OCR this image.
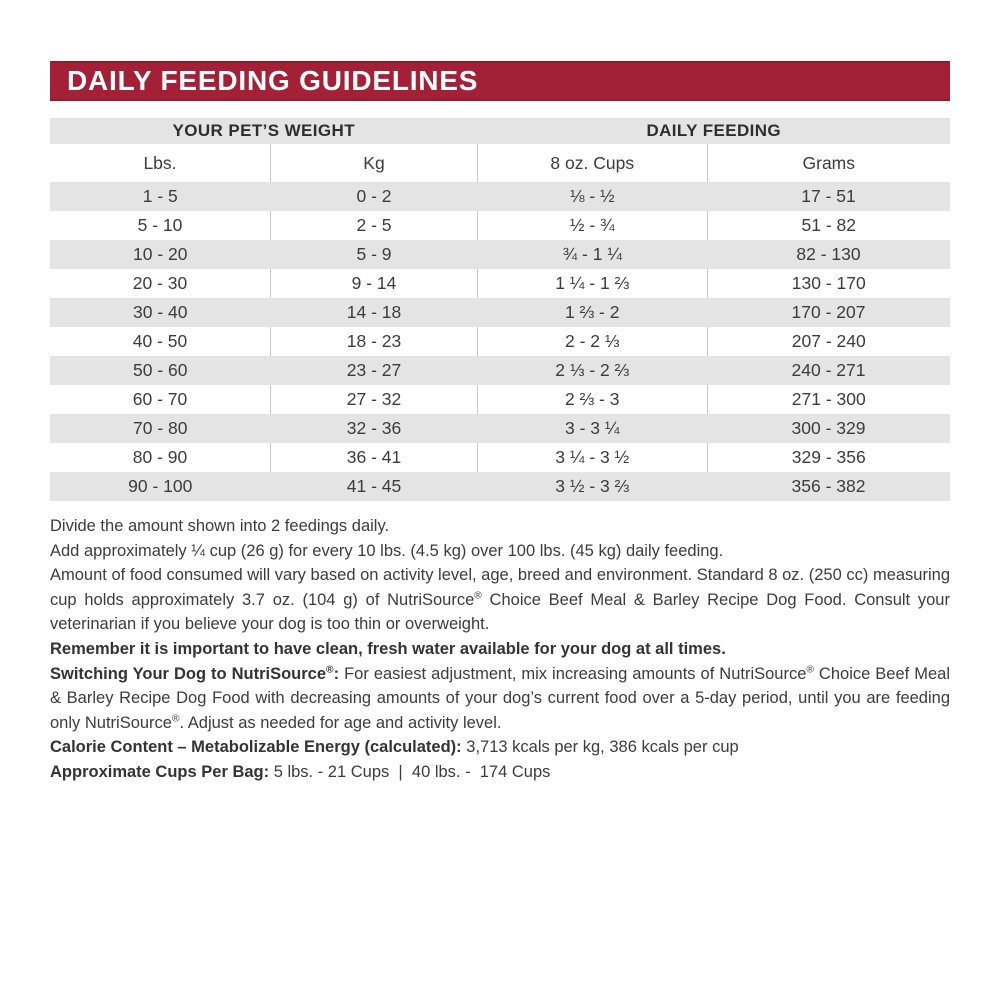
DAILY FEEDING GUIDELINES
YOUR PET’S WEIGHT		DAILY FEEDING	
Lbs.	Kg	8 oz. Cups	Grams
1 - 5	0 - 2	⅛ - ½	17 - 51
5 - 10	2 - 5	½ - ¾	51 - 82
10 - 20	5 - 9	¾ - 1 ¼	82 - 130
20 - 30	9 - 14	1 ¼ - 1 ⅔	130 - 170
30 - 40	14 - 18	1 ⅔ - 2	170 - 207
40 - 50	18 - 23	2 - 2 ⅓	207 - 240
50 - 60	23 - 27	2 ⅓ - 2 ⅔	240 - 271
60 - 70	27 - 32	2 ⅔ - 3	271 - 300
70 - 80	32 - 36	3 - 3 ¼	300 - 329
80 - 90	36 - 41	3 ¼ - 3 ½	329 - 356
90 - 100	41 - 45	3 ½ - 3 ⅔	356 - 382

Divide the amount shown into 2 feedings daily.

Add approximately ¼ cup (26 g) for every 10 lbs. (4.5 kg) over 100 lbs. (45 kg) daily feeding.

Amount of food consumed will vary based on activity level, age, breed and environment. Standard 8 oz. (250 cc) measuring cup holds approximately 3.7 oz. (104 g) of NutriSource® Choice Beef Meal & Barley Recipe Dog Food. Consult your veterinarian if you believe your dog is too thin or overweight.

Remember it is important to have clean, fresh water available for your dog at all times.

Switching Your Dog to NutriSource®: For easiest adjustment, mix increasing amounts of NutriSource® Choice Beef Meal & Barley Recipe Dog Food with decreasing amounts of your dog’s current food over a 5-day period, until you are feeding only NutriSource®. Adjust as needed for age and activity level.

Calorie Content – Metabolizable Energy (calculated): 3,713 kcals per kg, 386 kcals per cup

Approximate Cups Per Bag: 5 lbs. - 21 Cups  |  40 lbs. -  174 Cups
